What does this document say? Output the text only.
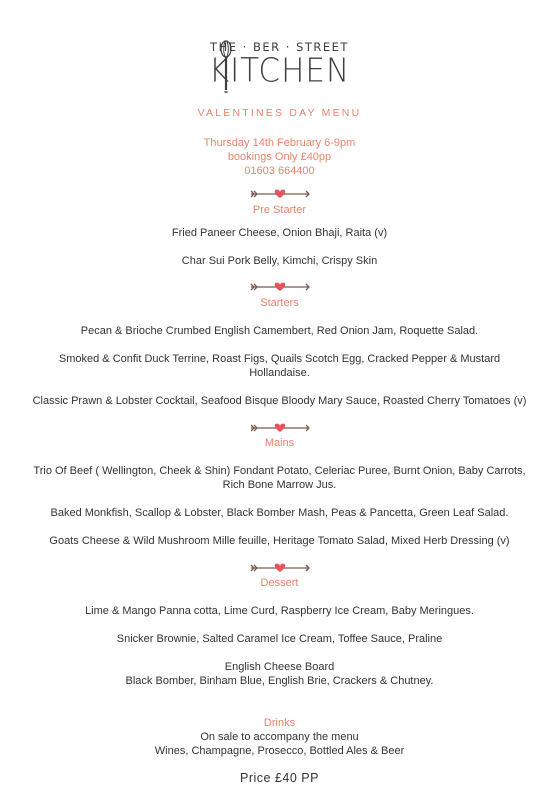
THE · BER · STREET
KITCHEN
VALENTINES DAY MENU
Thursday 14th February 6-9pm
bookings Only £40pp
01603 664400
Pre Starter
Fried Paneer Cheese, Onion Bhaji, Raita (v)
Char Sui Pork Belly, Kimchi, Crispy Skin
Starters
Pecan & Brioche Crumbed English Camembert, Red Onion Jam, Roquette Salad.
Smoked & Confit Duck Terrine, Roast Figs, Quails Scotch Egg, Cracked Pepper & Mustard
Hollandaise.
Classic Prawn & Lobster Cocktail, Seafood Bisque Bloody Mary Sauce, Roasted Cherry Tomatoes (v)
Mains
Trio Of Beef ( Wellington, Cheek & Shin) Fondant Potato, Celeriac Puree, Burnt Onion, Baby Carrots,
Rich Bone Marrow Jus.
Baked Monkfish, Scallop & Lobster, Black Bomber Mash, Peas & Pancetta, Green Leaf Salad.
Goats Cheese & Wild Mushroom Mille feuille, Heritage Tomato Salad, Mixed Herb Dressing (v)
Dessert
Lime & Mango Panna cotta, Lime Curd, Raspberry Ice Cream, Baby Meringues.
Snicker Brownie, Salted Caramel Ice Cream, Toffee Sauce, Praline
English Cheese Board
Black Bomber, Binham Blue, English Brie, Crackers & Chutney.
Drinks
On sale to accompany the menu
Wines, Champagne, Prosecco, Bottled Ales & Beer
Price £40 PP
